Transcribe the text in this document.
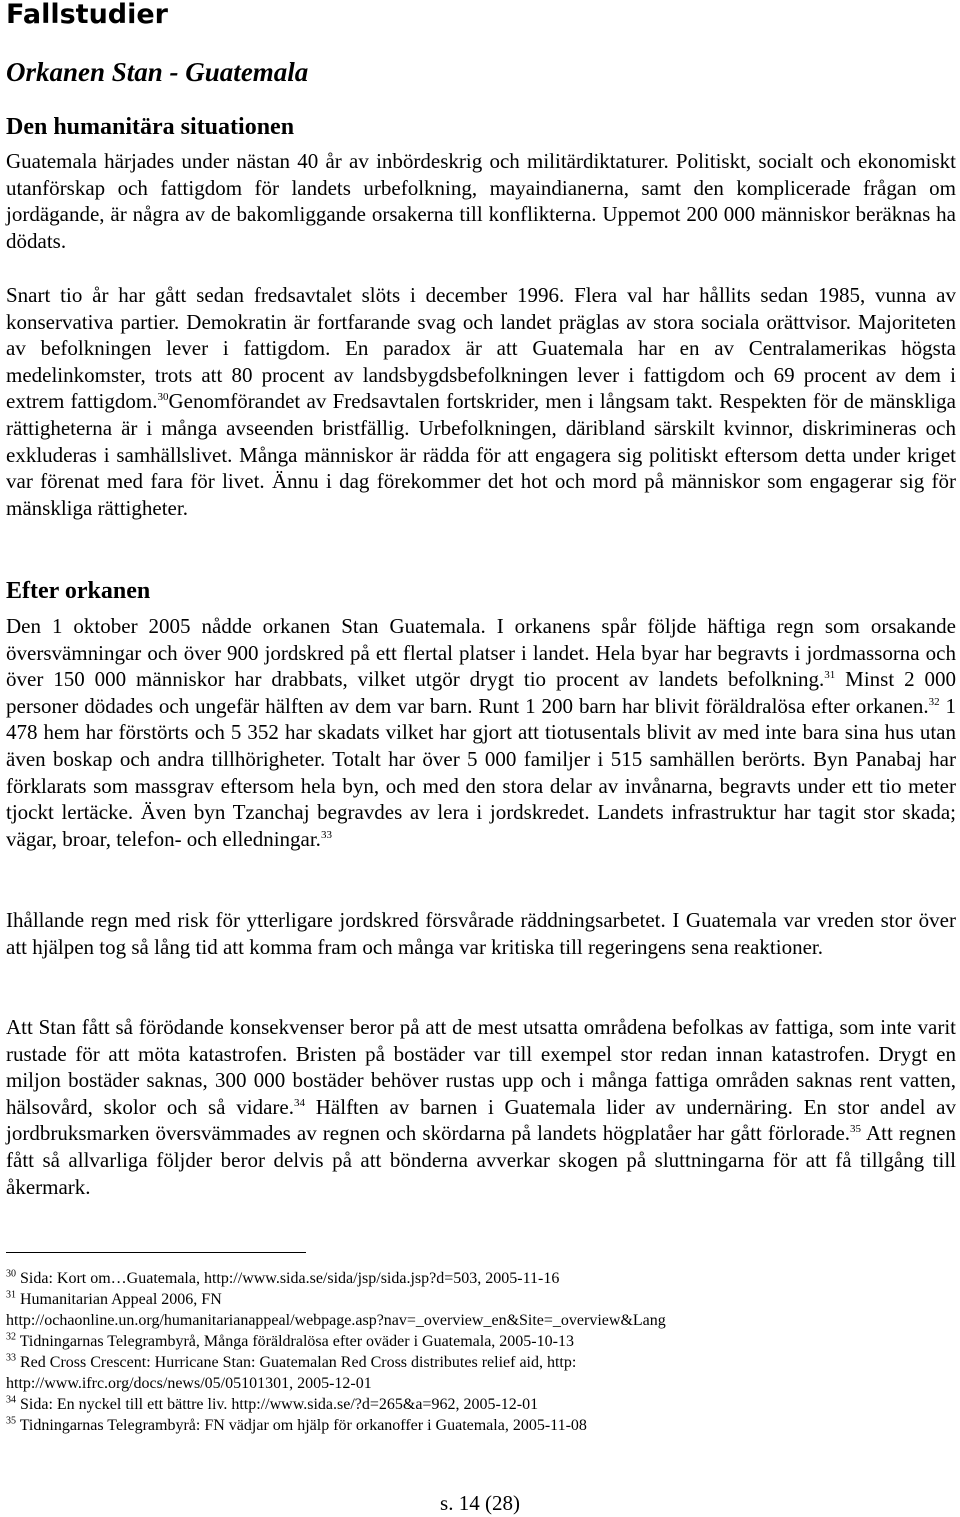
Fallstudier
Orkanen Stan - Guatemala
Den humanitära situationen

Guatemala härjades under nästan 40 år av inbördeskrig och militärdiktaturer. Politiskt, socialt och ekonomiskt utanförskap och fattigdom för landets urbefolkning, mayaindianerna, samt den komplicerade frågan om jordägande, är några av de bakomliggande orsakerna till konflikterna. Uppemot 200 000 människor beräknas ha dödats.

Snart tio år har gått sedan fredsavtalet slöts i december 1996. Flera val har hållits sedan 1985, vunna av konservativa partier. Demokratin är fortfarande svag och landet präglas av stora sociala orättvisor. Majoriteten av befolkningen lever i fattigdom. En paradox är att Guatemala har en av Centralamerikas högsta medelinkomster, trots att 80 procent av landsbygdsbefolkningen lever i fattigdom och 69 procent av dem i extrem fattigdom.$^{30}$Genomförandet av Fredsavtalen fortskrider, men i långsam takt. Respekten för de mänskliga rättigheterna är i många avseenden bristfällig. Urbefolkningen, däribland särskilt kvinnor, diskrimineras och exkluderas i samhällslivet. Många människor är rädda för att engagera sig politiskt eftersom detta under kriget var förenat med fara för livet. Ännu i dag förekommer det hot och mord på människor som engagerar sig för mänskliga rättigheter.

Efter orkanen

Den 1 oktober 2005 nådde orkanen Stan Guatemala. I orkanens spår följde häftiga regn som orsakande översvämningar och över 900 jordskred på ett flertal platser i landet. Hela byar har begravts i jordmassorna och över 150 000 människor har drabbats, vilket utgör drygt tio procent av landets befolkning.$^{31}$ Minst 2 000 personer dödades och ungefär hälften av dem var barn. Runt 1 200 barn har blivit föräldralösa efter orkanen.$^{32}$ 1 478 hem har förstörts och 5 352 har skadats vilket har gjort att tiotusentals blivit av med inte bara sina hus utan även boskap och andra tillhörigheter. Totalt har över 5 000 familjer i 515 samhällen berörts. Byn Panabaj har förklarats som massgrav eftersom hela byn, och med den stora delar av invånarna, begravts under ett tio meter tjockt lertäcke. Även byn Tzanchaj begravdes av lera i jordskredet. Landets infrastruktur har tagit stor skada; vägar, broar, telefon- och elledningar.$^{33}$

Ihållande regn med risk för ytterligare jordskred försvårade räddningsarbetet. I Guatemala var vreden stor över att hjälpen tog så lång tid att komma fram och många var kritiska till regeringens sena reaktioner.

Att Stan fått så förödande konsekvenser beror på att de mest utsatta områdena befolkas av fattiga, som inte varit rustade för att möta katastrofen. Bristen på bostäder var till exempel stor redan innan katastrofen. Drygt en miljon bostäder saknas, 300 000 bostäder behöver rustas upp och i många fattiga områden saknas rent vatten, hälsovård, skolor och så vidare.$^{34}$ Hälften av barnen i Guatemala lider av undernäring. En stor andel av jordbruksmarken översvämmades av regnen och skördarna på landets högplatåer har gått förlorade.$^{35}$ Att regnen fått så allvarliga följder beror delvis på att bönderna avverkar skogen på sluttningarna för att få tillgång till åkermark.

$^{30}$ Sida: Kort om…Guatemala, http://www.sida.se/sida/jsp/sida.jsp?d=503, 2005-11-16

$^{31}$ Humanitarian Appeal 2006, FN

http://ochaonline.un.org/humanitarianappeal/webpage.asp?nav=_overview_en&Site=_overview&Lang

$^{32}$ Tidningarnas Telegrambyrå, Många föräldralösa efter oväder i Guatemala, 2005-10-13

$^{33}$ Red Cross Crescent: Hurricane Stan: Guatemalan Red Cross distributes relief aid, http:

http://www.ifrc.org/docs/news/05/05101301, 2005-12-01

$^{34}$ Sida: En nyckel till ett bättre liv. http://www.sida.se/?d=265&a=962, 2005-12-01

$^{35}$ Tidningarnas Telegrambyrå: FN vädjar om hjälp för orkanoffer i Guatemala, 2005-11-08

s. 14 (28)
